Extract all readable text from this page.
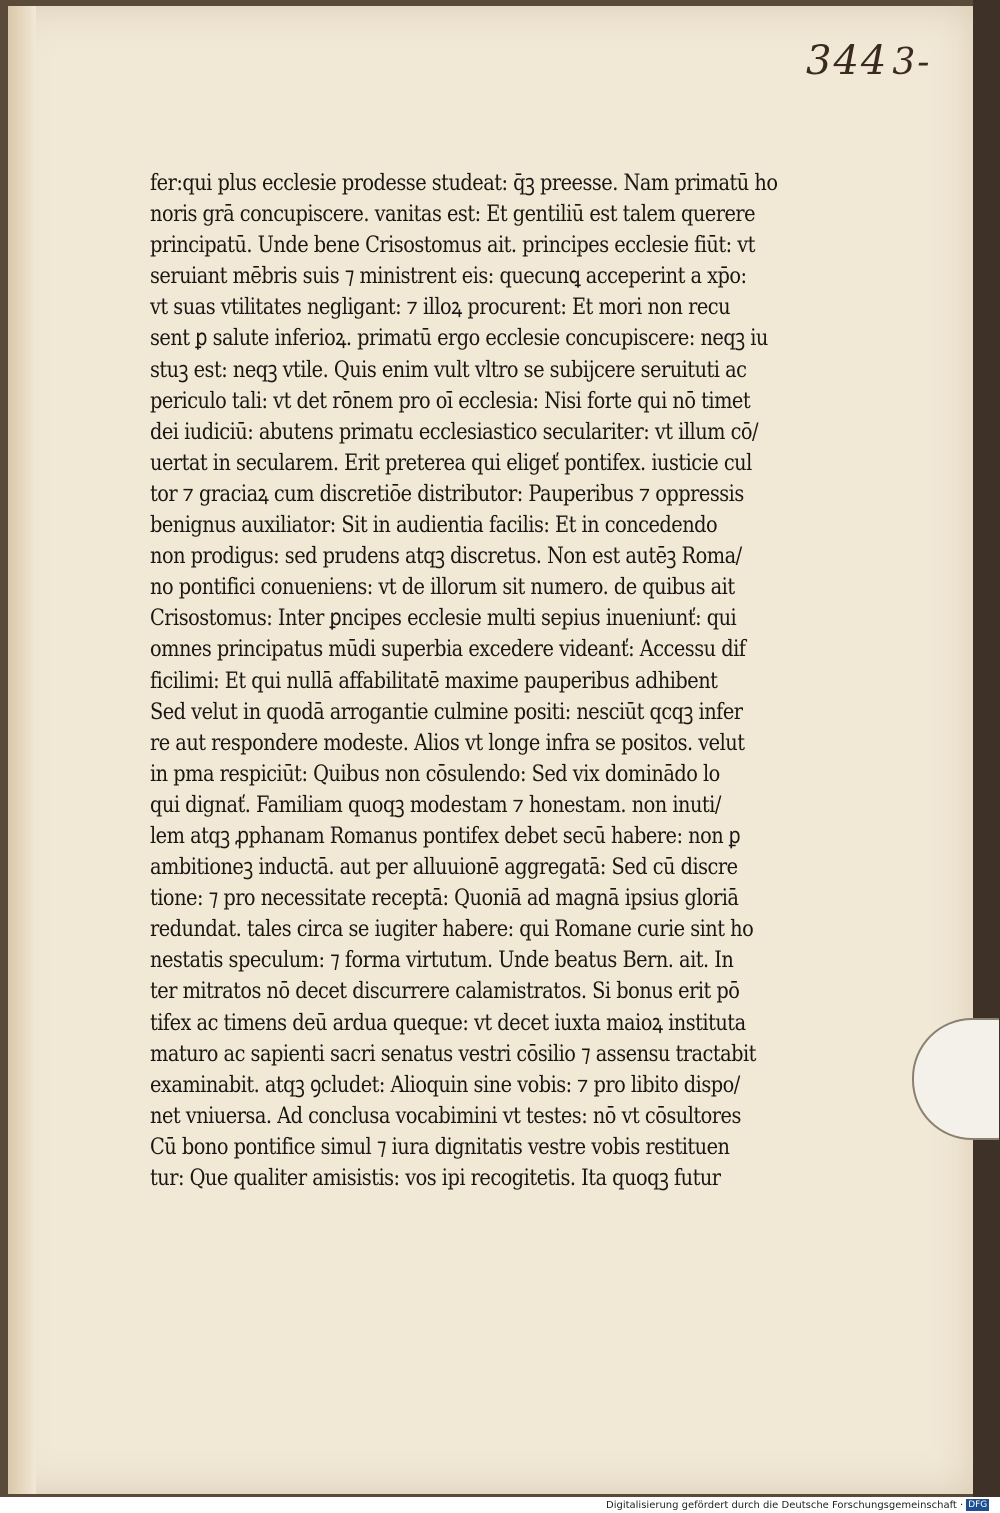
344 3-
fer:qui plus ecclesie prodesse studeat: q̄ꝫ preesse. Nam primatū ho
noris grā concupiscere. vanitas est: Et gentiliū est talem querere
principatū. Unde bene Crisostomus ait. principes ecclesie fiūt: vt
seruiant mēbris suis ⁊ ministrent eis: quecunꝗ acceperint a xp̄o:
vt suas vtilitates negligant: ⁊ illoꝝ procurent: Et mori non recu
sent ꝑ salute inferioꝝ. primatū ergo ecclesie concupiscere: neqꝫ iu
stuꝫ est: neqꝫ vtile. Quis enim vult vltro se subijcere seruituti ac
periculo tali: vt det rōnem pro oī ecclesia: Nisi forte qui nō timet
dei iudiciū: abutens primatu ecclesiastico seculariter: vt illum cō/
uertat in secularem. Erit preterea qui eligeť pontifex. iusticie cul
tor ⁊ graciaꝝ cum discretiōe distributor: Pauperibus ⁊ oppressis
benignus auxiliator: Sit in audientia facilis: Et in concedendo
non prodigus: sed prudens atqꝫ discretus. Non est autēꝫ Roma/
no pontifici conueniens: vt de illorum sit numero. de quibus ait
Crisostomus: Inter ꝑncipes ecclesie multi sepius inueniunť: qui
omnes principatus mūdi superbia excedere videanť: Accessu dif
ficilimi: Et qui nullā affabilitatē maxime pauperibus adhibent
Sed velut in quodā arrogantie culmine positi: nesciūt qcqꝫ infer
re aut respondere modeste. Alios vt longe infra se positos. velut
in pma respiciūt: Quibus non cōsulendo: Sed vix dominādo lo
qui dignať. Familiam quoqꝫ modestam ⁊ honestam. non inuti/
lem atqꝫ ꝓphanam Romanus pontifex debet secū habere: non ꝑ
ambitioneꝫ inductā. aut per alluuionē aggregatā: Sed cū discre
tione: ⁊ pro necessitate receptā: Quoniā ad magnā ipsius gloriā
redundat. tales circa se iugiter habere: qui Romane curie sint ho
nestatis speculum: ⁊ forma virtutum. Unde beatus Bern. ait. In
ter mitratos nō decet discurrere calamistratos. Si bonus erit pō
tifex ac timens deū ardua queque: vt decet iuxta maioꝝ instituta
maturo ac sapienti sacri senatus vestri cōsilio ⁊ assensu tractabit
examinabit. atqꝫ ꝯcludet: Alioquin sine vobis: ⁊ pro libito dispo/
net vniuersa. Ad conclusa vocabimini vt testes: nō vt cōsultores
Cū bono pontifice simul ⁊ iura dignitatis vestre vobis restituen
tur: Que qualiter amisistis: vos ipi recogitetis. Ita quoqꝫ futur
Digitalisierung gefördert durch die Deutsche Forschungsgemeinschaft · DFG
